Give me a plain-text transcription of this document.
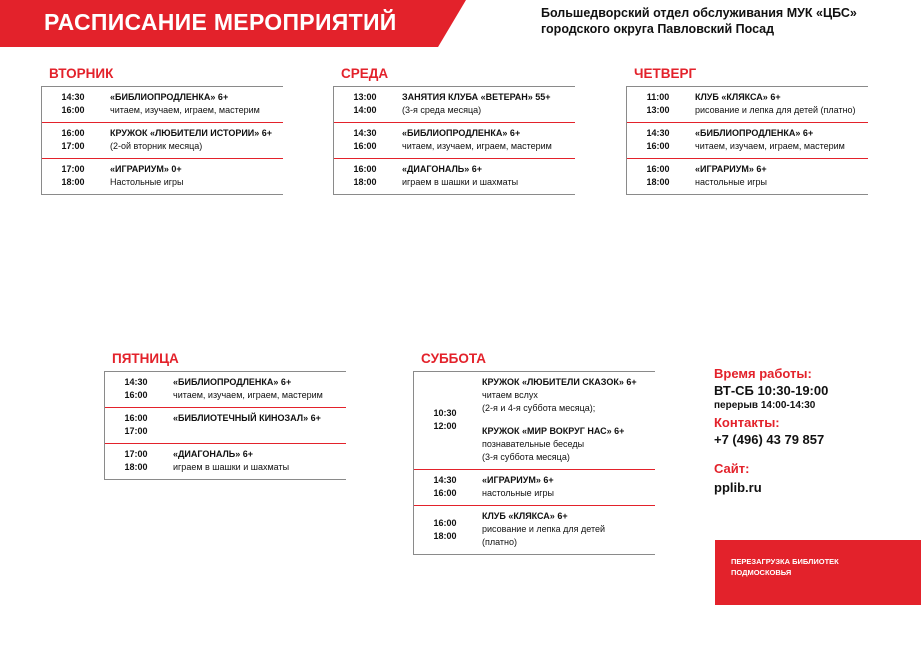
РАСПИСАНИЕ МЕРОПРИЯТИЙ	Большедворский отдел обслуживания МУК «ЦБС»
городского округа Павловский Посад
ВТОРНИК
14:30
16:00
«БИБЛИОПРОДЛЕНКА» 6+
читаем, изучаем, играем, мастерим
16:00
17:00
КРУЖОК «ЛЮБИТЕЛИ ИСТОРИИ» 6+
(2-ой вторник месяца)
17:00
18:00
«ИГРАРИУМ» 0+
Настольные игры
СРЕДА
13:00
14:00
ЗАНЯТИЯ КЛУБА «ВЕТЕРАН» 55+
(3-я среда месяца)
14:30
16:00
«БИБЛИОПРОДЛЕНКА» 6+
читаем, изучаем, играем, мастерим
16:00
18:00
«ДИАГОНАЛЬ» 6+
играем в шашки и шахматы
ЧЕТВЕРГ
11:00
13:00
КЛУБ «КЛЯКСА» 6+
рисование и лепка для детей (платно)
14:30
16:00
«БИБЛИОПРОДЛЕНКА» 6+
читаем, изучаем, играем, мастерим
16:00
18:00
«ИГРАРИУМ» 6+
настольные игры
ПЯТНИЦА
14:30
16:00
«БИБЛИОПРОДЛЕНКА» 6+
читаем, изучаем, играем, мастерим
16:00
17:00
«БИБЛИОТЕЧНЫЙ КИНОЗАЛ» 6+
17:00
18:00
«ДИАГОНАЛЬ» 6+
играем в шашки и шахматы
СУББОТА
10:30
12:00
КРУЖОК «ЛЮБИТЕЛИ СКАЗОК» 6+
читаем вслух
(2-я и 4-я суббота месяца);
КРУЖОК «МИР ВОКРУГ НАС» 6+
познавательные беседы
(3-я суббота месяца)
14:30
16:00
«ИГРАРИУМ» 6+
настольные игры
16:00
18:00
КЛУБ «КЛЯКСА» 6+
рисование и лепка для детей
(платно)
Время работы:
ВТ-СБ 10:30-19:00
перерыв 14:00-14:30
Контакты:
+7 (496) 43 79 857
Сайт:
pplib.ru
ПЕРЕЗАГРУЗКА БИБЛИОТЕК
ПОДМОСКОВЬЯ
